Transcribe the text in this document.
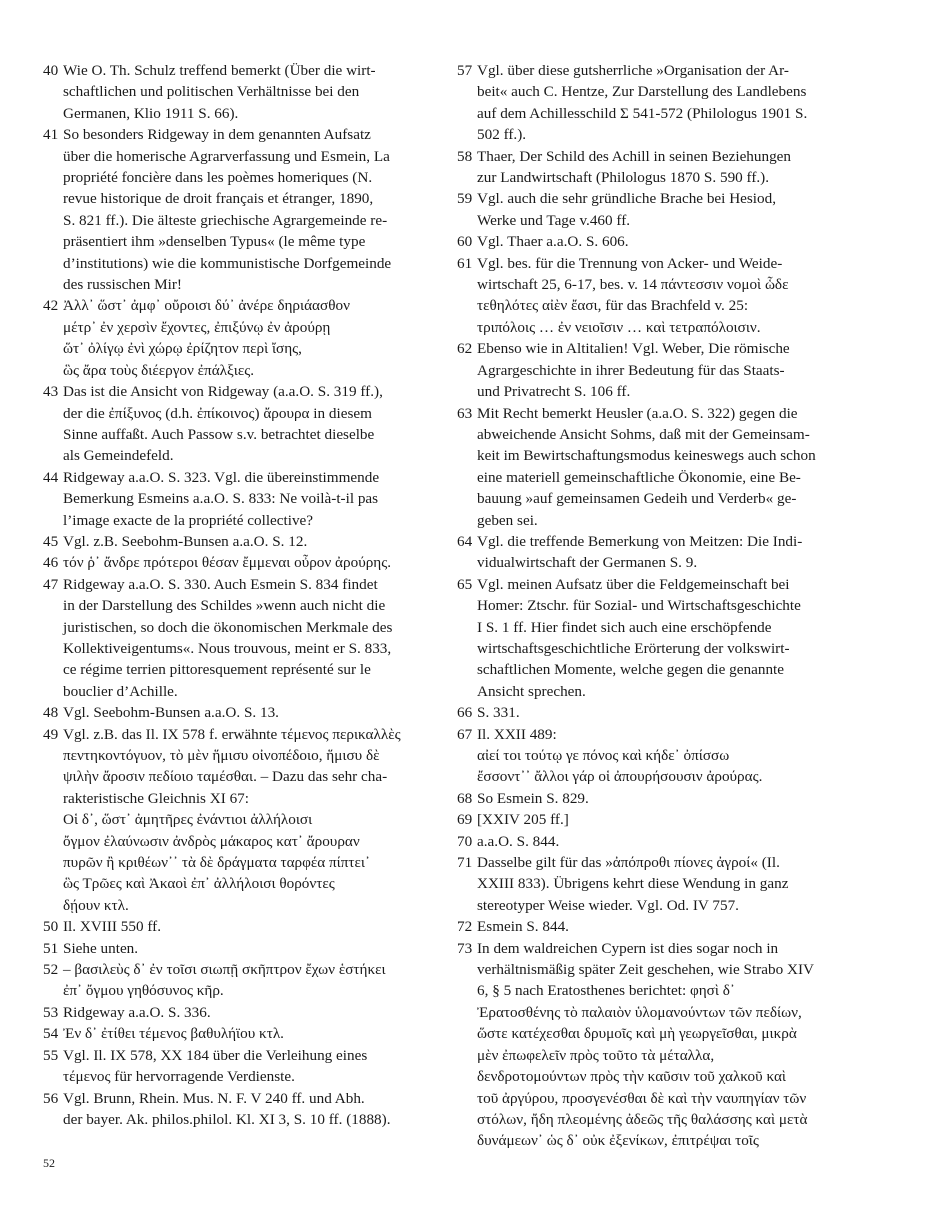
40 Wie O. Th. Schulz treffend bemerkt (Über die wirt-
schaftlichen und politischen Verhältnisse bei den
Germanen, Klio 1911 S. 66).
41 So besonders Ridgeway in dem genannten Aufsatz
über die homerische Agrarverfassung und Esmein, La
propriété foncière dans les poèmes homeriques (N.
revue historique de droit français et étranger, 1890,
S. 821 ff.). Die älteste griechische Agrargemeinde re-
präsentiert ihm »denselben Typus« (le même type
d’institutions) wie die kommunistische Dorfgemeinde
des russischen Mir!
42 Ἀλλ᾽ ὥστ᾽ ἀμφ᾽ οὔροισι δύ᾽ ἀνέρε δηριάασθον
μέτρ᾽ ἐν χερσὶν ἔχοντες, ἐπιξύνῳ ἐν ἀρούρῃ
ὥτ᾽ ὀλίγῳ ἐνὶ χώρῳ ἐρίζητον περὶ ἴσης,
ὣς ἄρα τοὺς διέεργον ἐπάλξιες.
43 Das ist die Ansicht von Ridgeway (a.a.O. S. 319 ff.),
der die ἐπίξυνος (d.h. ἐπίκοινος) ἄρουρα in diesem
Sinne auffaßt. Auch Passow s.v. betrachtet dieselbe
als Gemeindefeld.
44 Ridgeway a.a.O. S. 323. Vgl. die übereinstimmende
Bemerkung Esmeins a.a.O. S. 833: Ne voilà-t-il pas
l’image exacte de la propriété collective?
45 Vgl. z.B. Seebohm-Bunsen a.a.O. S. 12.
46 τόν ῥ᾽ ἄνδρε πρότεροι θέσαν ἔμμεναι οὖρον ἀρούρης.
47 Ridgeway a.a.O. S. 330. Auch Esmein S. 834 findet
in der Darstellung des Schildes »wenn auch nicht die
juristischen, so doch die ökonomischen Merkmale des
Kollektiveigentums«. Nous trouvous, meint er S. 833,
ce régime terrien pittoresquement représenté sur le
bouclier d’Achille.
48 Vgl. Seebohm-Bunsen a.a.O. S. 13.
49 Vgl. z.B. das Il. IX 578 f. erwähnte τέμενος περικαλλὲς
πεντηκοντόγυον, τὸ μὲν ἥμισυ οἰνοπέδοιο, ἥμισυ δὲ
ψιλὴν ἄροσιν πεδίοιο ταμέσθαι. – Dazu das sehr cha-
rakteristische Gleichnis XI 67:
Οἱ δ᾽, ὥστ᾽ ἀμητῆρες ἐνάντιοι ἀλλήλοισι
ὄγμον ἐλαύνωσιν ἀνδρὸς μάκαρος κατ᾽ ἄρουραν
πυρῶν ἢ κριθέων᾽᾽ τὰ δὲ δράγματα ταρφέα πίπτει᾽
ὣς Τρῶες καὶ Ἀκαοὶ ἐπ᾽ ἀλλήλοισι θορόντες
δῄουν κτλ.
50 Il. XVIII 550 ff.
51 Siehe unten.
52 – βασιλεὺς δ᾽ ἐν τοῖσι σιωπῇ σκῆπτρον ἔχων ἑστήκει
ἐπ᾽ ὄγμου γηθόσυνος κῆρ.
53 Ridgeway a.a.O. S. 336.
54 Ἐν δ᾽ ἐτίθει τέμενος βαθυλήϊου κτλ.
55 Vgl. Il. IX 578, XX 184 über die Verleihung eines
τέμενος für hervorragende Verdienste.
56 Vgl. Brunn, Rhein. Mus. N. F. V 240 ff. und Abh.
der bayer. Ak. philos.philol. Kl. XI 3, S. 10 ff. (1888).
57 Vgl. über diese gutsherrliche »Organisation der Ar-
beit« auch C. Hentze, Zur Darstellung des Landlebens
auf dem Achillesschild Σ 541-572 (Philologus 1901 S.
502 ff.).
58 Thaer, Der Schild des Achill in seinen Beziehungen
zur Landwirtschaft (Philologus 1870 S. 590 ff.).
59 Vgl. auch die sehr gründliche Brache bei Hesiod,
Werke und Tage v.460 ff.
60 Vgl. Thaer a.a.O. S. 606.
61 Vgl. bes. für die Trennung von Acker- und Weide-
wirtschaft 25, 6-17, bes. v. 14 πάντεσσιν νομοὶ ὧδε
τεθηλότες αἰὲν ἔασι, für das Brachfeld v. 25:
τριπόλοις … ἐν νειοῖσιν … καὶ τετραπόλοισιν.
62 Ebenso wie in Altitalien! Vgl. Weber, Die römische
Agrargeschichte in ihrer Bedeutung für das Staats-
und Privatrecht S. 106 ff.
63 Mit Recht bemerkt Heusler (a.a.O. S. 322) gegen die
abweichende Ansicht Sohms, daß mit der Gemeinsam-
keit im Bewirtschaftungsmodus keineswegs auch schon
eine materiell gemeinschaftliche Ökonomie, eine Be-
bauung »auf gemeinsamen Gedeih und Verderb« ge-
geben sei.
64 Vgl. die treffende Bemerkung von Meitzen: Die Indi-
vidualwirtschaft der Germanen S. 9.
65 Vgl. meinen Aufsatz über die Feldgemeinschaft bei
Homer: Ztschr. für Sozial- und Wirtschaftsgeschichte
I S. 1 ff. Hier findet sich auch eine erschöpfende
wirtschaftsgeschichtliche Erörterung der volkswirt-
schaftlichen Momente, welche gegen die genannte
Ansicht sprechen.
66 S. 331.
67 Il. XXII 489:
αἰεί τοι τούτῳ γε πόνος καὶ κήδε᾽ ὀπίσσω
ἔσσοντ᾽᾽ ἄλλοι γάρ οἱ ἀπουρήσουσιν ἀρούρας.
68 So Esmein S. 829.
69 [XXIV 205 ff.]
70 a.a.O. S. 844.
71 Dasselbe gilt für das »ἀπόπροθι πίονες ἀγροί« (Il.
XXIII 833). Übrigens kehrt diese Wendung in ganz
stereotyper Weise wieder. Vgl. Od. IV 757.
72 Esmein S. 844.
73 In dem waldreichen Cypern ist dies sogar noch in
verhältnismäßig später Zeit geschehen, wie Strabo XIV
6, § 5 nach Eratosthenes berichtet: φησὶ δ᾽
Ἐρατοσθένης τὸ παλαιὸν ὑλομανούντων τῶν πεδίων,
ὥστε κατέχεσθαι δρυμοῖς καὶ μὴ γεωργεῖσθαι, μικρὰ
μὲν ἐπωφελεῖν πρὸς τοῦτο τὰ μέταλλα,
δενδροτομούντων πρὸς τὴν καῦσιν τοῦ χαλκοῦ καὶ
τοῦ ἀργύρου, προσγενέσθαι δὲ καὶ τὴν ναυπηγίαν τῶν
στόλων, ἤδη πλεομένης ἀδεῶς τῆς θαλάσσης καὶ μετὰ
δυνάμεων᾽ ὡς δ᾽ οὐκ ἐξενίκων, ἐπιτρέψαι τοῖς
52
